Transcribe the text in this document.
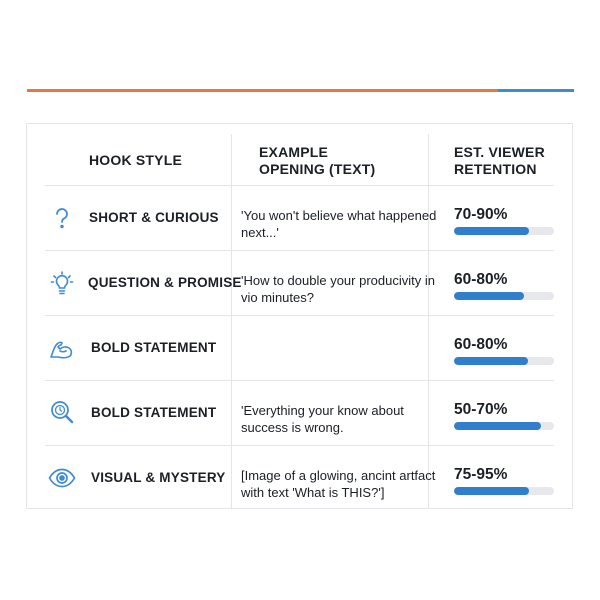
HOOK STYLE	EXAMPLE
OPENING (TEXT)
EST. VIEWER
RETENTION
SHORT & CURIOUS 'You won't believe what happened next...'
70-90%
QUESTION & PROMISE 'How to double your producivity in vio minutes?
60-80%
BOLD STATEMENT	60-80%
BOLD STATEMENT 'Everything your know about success is wrong.
50-70%
VISUAL & MYSTERY [Image of a glowing, ancint artfact with text 'What is THIS?']
75-95%
